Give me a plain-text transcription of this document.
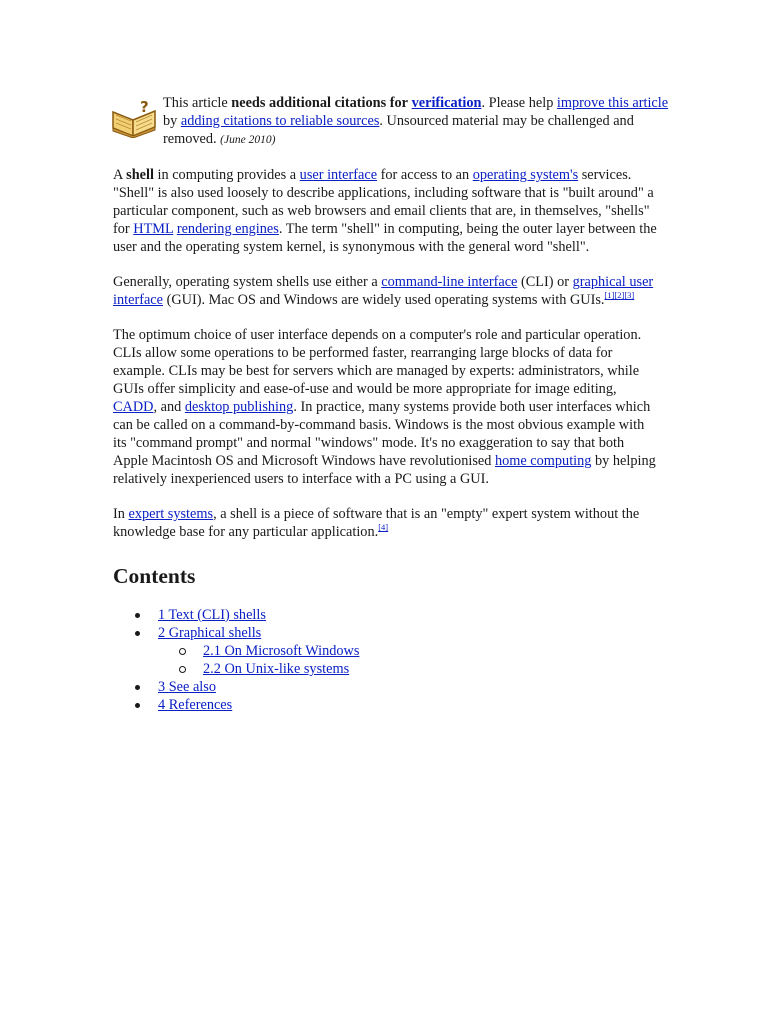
? This article needs additional citations for verification. Please help improve this article by adding citations to reliable sources. Unsourced material may be challenged and removed. (June 2010)

A shell in computing provides a user interface for access to an operating system's services. "Shell" is also used loosely to describe applications, including software that is "built around" a particular component, such as web browsers and email clients that are, in themselves, "shells" for HTML rendering engines. The term "shell" in computing, being the outer layer between the user and the operating system kernel, is synonymous with the general word "shell".

Generally, operating system shells use either a command-line interface (CLI) or graphical user interface (GUI). Mac OS and Windows are widely used operating systems with GUIs.[1][2][3]

The optimum choice of user interface depends on a computer's role and particular operation. CLIs allow some operations to be performed faster, rearranging large blocks of data for example. CLIs may be best for servers which are managed by experts: administrators, while GUIs offer simplicity and ease-of-use and would be more appropriate for image editing, CADD, and desktop publishing. In practice, many systems provide both user interfaces which can be called on a command-by-command basis. Windows is the most obvious example with its "command prompt" and normal "windows" mode. It's no exaggeration to say that both Apple Macintosh OS and Microsoft Windows have revolutionised home computing by helping relatively inexperienced users to interface with a PC using a GUI.

In expert systems, a shell is a piece of software that is an "empty" expert system without the knowledge base for any particular application.[4]

Contents
1 Text (CLI) shells
2 Graphical shells
2.1 On Microsoft Windows
2.2 On Unix-like systems
3 See also
4 References
